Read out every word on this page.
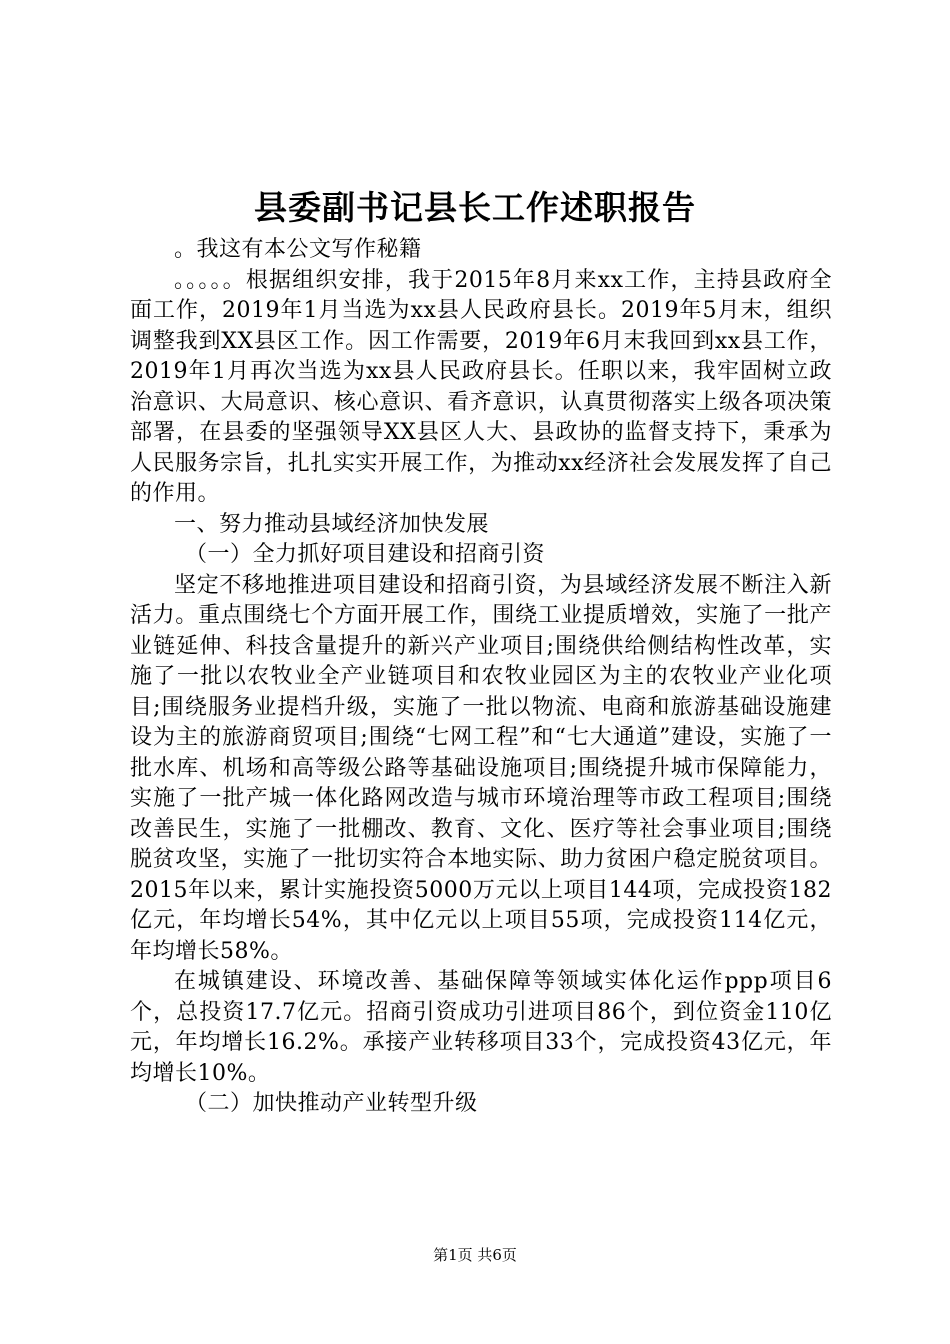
县委副书记县长工作述职报告

。我这有本公文写作秘籍

。。。。。根据组织安排，我于2015年8月来xx工作，主持县政府全面工作，2019年1月当选为xx县人民政府县长。2019年5月末，组织调整我到XX县区工作。因工作需要，2019年6月末我回到xx县工作，2019年1月再次当选为xx县人民政府县长。任职以来，我牢固树立政治意识、大局意识、核心意识、看齐意识，认真贯彻落实上级各项决策部署，在县委的坚强领导XX县区人大、县政协的监督支持下，秉承为人民服务宗旨，扎扎实实开展工作，为推动xx经济社会发展发挥了自己的作用。

一、努力推动县域经济加快发展

（一）全力抓好项目建设和招商引资

坚定不移地推进项目建设和招商引资，为县域经济发展不断注入新活力。重点围绕七个方面开展工作，围绕工业提质增效，实施了一批产业链延伸、科技含量提升的新兴产业项目;围绕供给侧结构性改革，实施了一批以农牧业全产业链项目和农牧业园区为主的农牧业产业化项目;围绕服务业提档升级，实施了一批以物流、电商和旅游基础设施建设为主的旅游商贸项目;围绕“七网工程”和“七大通道”建设，实施了一批水库、机场和高等级公路等基础设施项目;围绕提升城市保障能力，实施了一批产城一体化路网改造与城市环境治理等市政工程项目;围绕改善民生，实施了一批棚改、教育、文化、医疗等社会事业项目;围绕脱贫攻坚，实施了一批切实符合本地实际、助力贫困户稳定脱贫项目。2015年以来，累计实施投资5000万元以上项目144项，完成投资182亿元，年均增长54%，其中亿元以上项目55项，完成投资114亿元，年均增长58%。

在城镇建设、环境改善、基础保障等领域实体化运作ppp项目6个，总投资17.7亿元。招商引资成功引进项目86个，到位资金110亿元，年均增长16.2%。承接产业转移项目33个，完成投资43亿元，年均增长10%。

（二）加快推动产业转型升级

第1页 共6页
